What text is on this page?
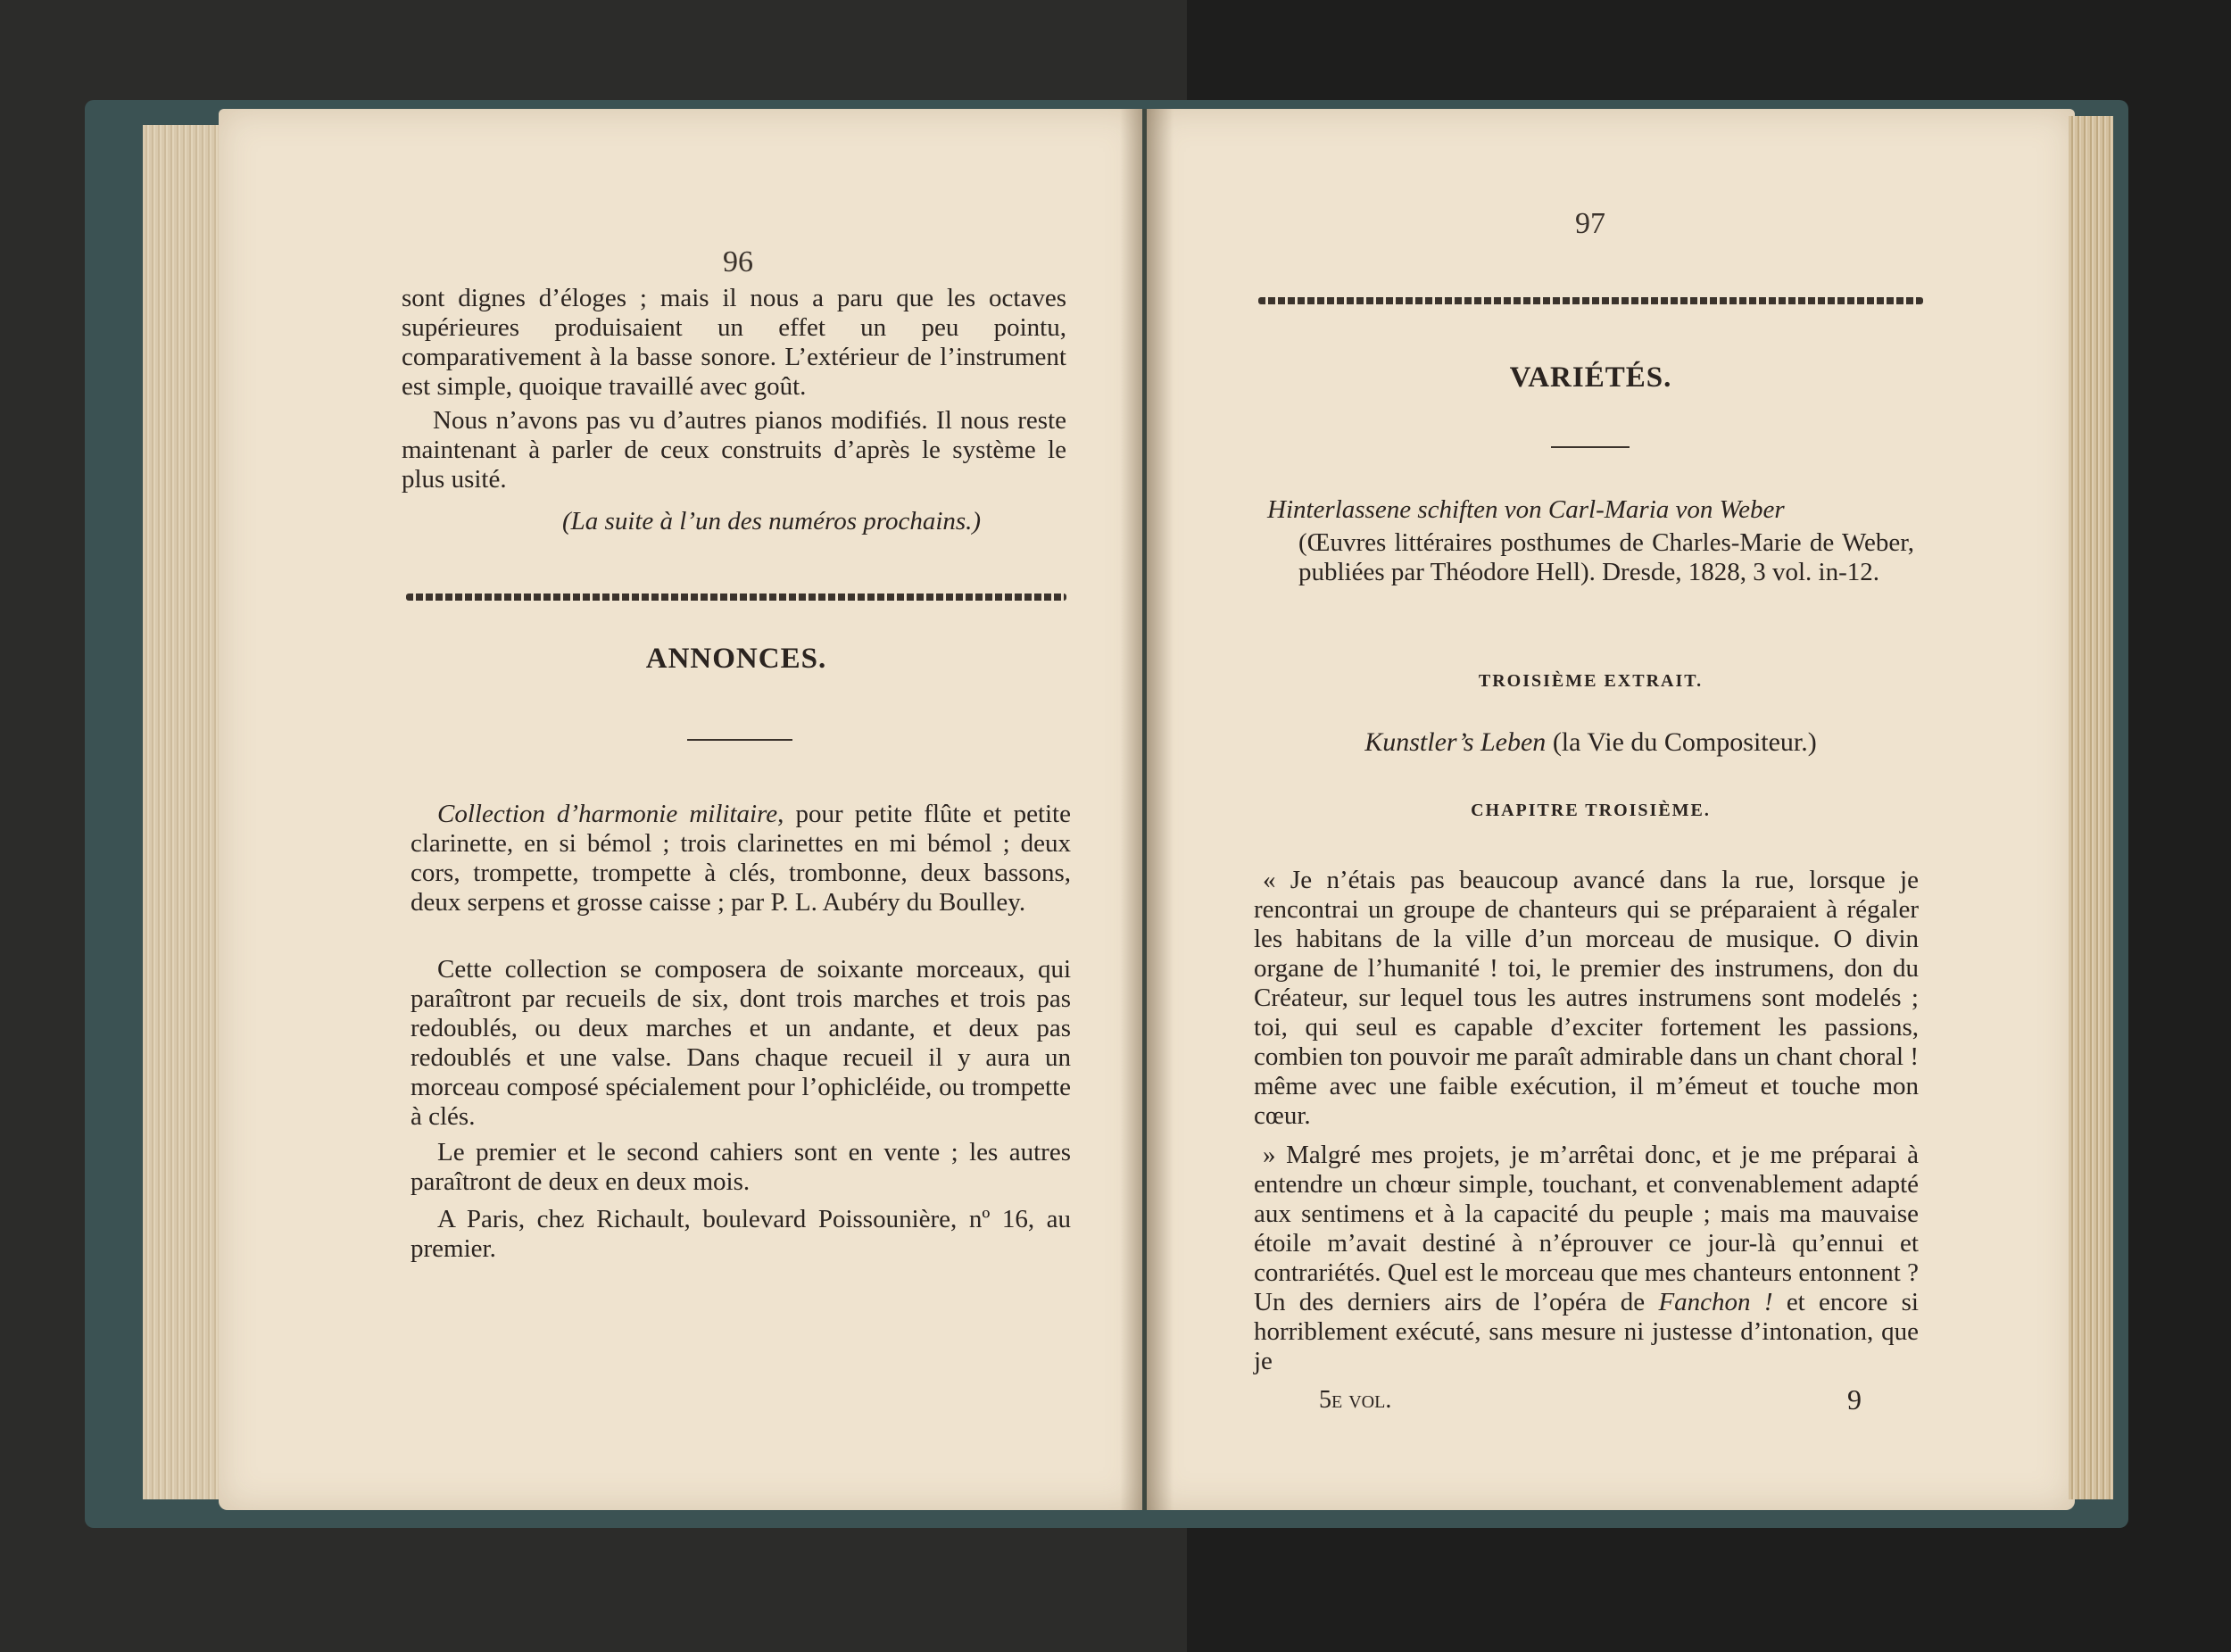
96
sont dignes d’éloges ; mais il nous a paru que les octaves supérieures produisaient un effet un peu pointu, comparativement à la basse sonore. L’extérieur de l’instrument est simple, quoique travaillé avec goût.
Nous n’avons pas vu d’autres pianos modifiés. Il nous reste maintenant à parler de ceux construits d’après le système le plus usité.
(La suite à l’un des numéros prochains.)
ANNONCES.
Collection d’harmonie militaire, pour petite flûte et petite clarinette, en si bémol ; trois clarinettes en mi bémol ; deux cors, trompette, trompette à clés, trombonne, deux bassons, deux serpens et grosse caisse ; par P. L. Aubéry du Boulley.
Cette collection se composera de soixante morceaux, qui paraîtront par recueils de six, dont trois marches et trois pas redoublés, ou deux marches et un andante, et deux pas redoublés et une valse. Dans chaque recueil il y aura un morceau composé spécialement pour l’ophicléide, ou trompette à clés.
Le premier et le second cahiers sont en vente ; les autres paraîtront de deux en deux mois.
A Paris, chez Richault, boulevard Poissounière, nº 16, au premier.
97
VARIÉTÉS.
Hinterlassene schiften von Carl-Maria von Weber
(Œuvres littéraires posthumes de Charles-Marie de Weber, publiées par Théodore Hell). Dresde, 1828, 3 vol. in-12.
TROISIÈME EXTRAIT.
Kunstler’s Leben (la Vie du Compositeur.)
CHAPITRE TROISIÈME.
« Je n’étais pas beaucoup avancé dans la rue, lorsque je rencontrai un groupe de chanteurs qui se préparaient à régaler les habitans de la ville d’un morceau de musique. O divin organe de l’humanité ! toi, le premier des instrumens, don du Créateur, sur lequel tous les autres instrumens sont modelés ; toi, qui seul es capable d’exciter fortement les passions, combien ton pouvoir me paraît admirable dans un chant choral ! même avec une faible exécution, il m’émeut et touche mon cœur.
» Malgré mes projets, je m’arrêtai donc, et je me préparai à entendre un chœur simple, touchant, et convenablement adapté aux sentimens et à la capacité du peuple ; mais ma mauvaise étoile m’avait destiné à n’éprouver ce jour-là qu’ennui et contrariétés. Quel est le morceau que mes chanteurs entonnent ? Un des derniers airs de l’opéra de Fanchon ! et encore si horriblement exécuté, sans mesure ni justesse d’intonation, que je
5e vol.	9
